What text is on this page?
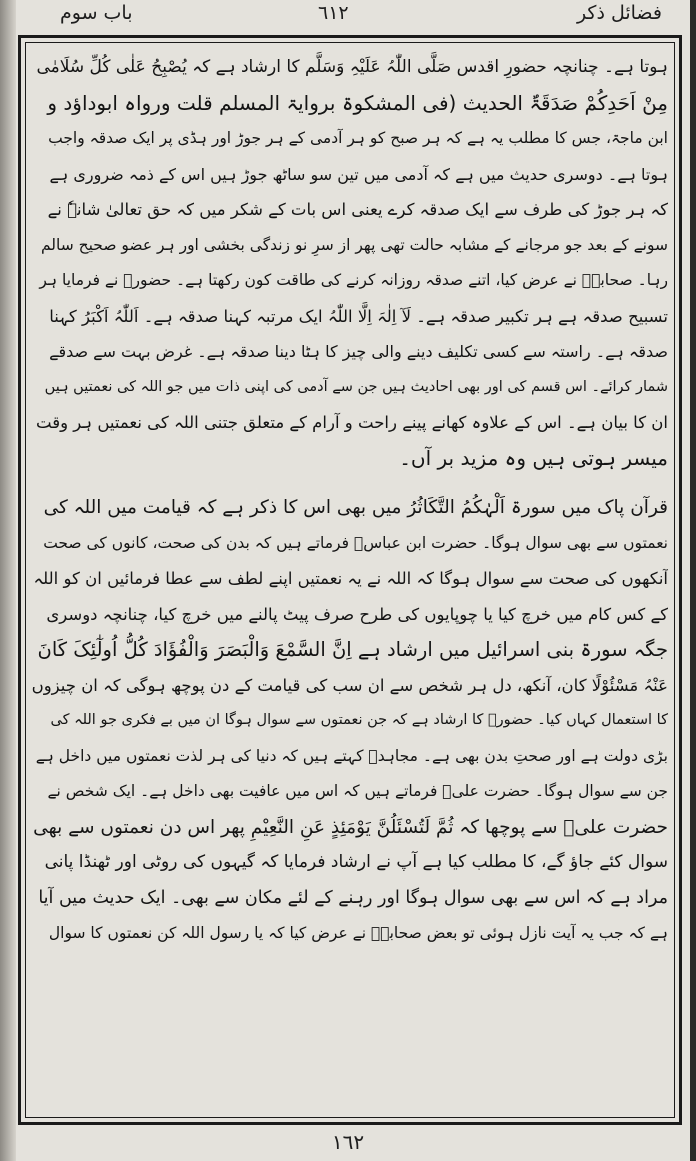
باب سوم	٦١٢	فضائل ذکر
ہوتا ہے۔ چنانچہ حضورِ اقدس صَلَّی اللّٰہُ عَلَیْہِ وَسَلَّم کا ارشاد ہے کہ یُصْبِحُ عَلٰی کُلِّ سُلَامٰی
مِنْ اَحَدِکُمْ صَدَقَۃٌ الحدیث (فی المشکوۃ بروایۃ المسلم قلت ورواہ ابوداؤد و
ابن ماجۃ، جس کا مطلب یہ ہے کہ ہر صبح کو ہر آدمی کے ہر جوڑ اور ہڈی پر ایک صدقہ واجب
ہوتا ہے۔ دوسری حدیث میں ہے کہ آدمی میں تین سو ساٹھ جوڑ ہیں اس کے ذمہ ضروری ہے
کہ ہر جوڑ کی طرف سے ایک صدقہ کرے یعنی اس بات کے شکر میں کہ حق تعالیٰ شانہٗ نے
سونے کے بعد جو مرجانے کے مشابہ حالت تھی پھر از سرِ نو زندگی بخشی اور ہر عضو صحیح سالم
رہا۔ صحابہؓ نے عرض کیا، اتنے صدقہ روزانہ کرنے کی طاقت کون رکھتا ہے۔ حضورؐ نے فرمایا ہر
تسبیح صدقہ ہے ہر تکبیر صدقہ ہے۔ لَآ اِلٰہَ اِلَّا اللّٰہُ ایک مرتبہ کہنا صدقہ ہے۔ اَللّٰہُ اَکْبَرُ کہنا
صدقہ ہے۔ راستہ سے کسی تکلیف دینے والی چیز کا ہٹا دینا صدقہ ہے۔ غرض بہت سے صدقے
شمار کرائے۔ اس قسم کی اور بھی احادیث ہیں جن سے آدمی کی اپنی ذات میں جو اللہ کی نعمتیں ہیں
ان کا بیان ہے۔ اس کے علاوہ کھانے پینے راحت و آرام کے متعلق جتنی اللہ کی نعمتیں ہر وقت
میسر ہوتی ہیں وہ مزید بر آں۔
قرآن پاک میں سورۃ اَلْہٰکُمُ التَّکَاثُرُ میں بھی اس کا ذکر ہے کہ قیامت میں اللہ کی
نعمتوں سے بھی سوال ہوگا۔ حضرت ابن عباسؓ فرماتے ہیں کہ بدن کی صحت، کانوں کی صحت
آنکھوں کی صحت سے سوال ہوگا کہ اللہ نے یہ نعمتیں اپنے لطف سے عطا فرمائیں ان کو اللہ
کے کس کام میں خرچ کیا یا چوپایوں کی طرح صرف پیٹ پالنے میں خرچ کیا، چنانچہ دوسری
جگہ سورۃ بنی اسرائیل میں ارشاد ہے اِنَّ السَّمْعَ وَالْبَصَرَ وَالْفُؤَادَ کُلُّ اُولٰٓئِکَ کَانَ
عَنْہُ مَسْئُوْلًا کان، آنکھ، دل ہر شخص سے ان سب کی قیامت کے دن پوچھ ہوگی کہ ان چیزوں
کا استعمال کہاں کیا۔ حضورؐ کا ارشاد ہے کہ جن نعمتوں سے سوال ہوگا ان میں بے فکری جو اللہ کی
بڑی دولت ہے اور صحتِ بدن بھی ہے۔ مجاہدؒ کہتے ہیں کہ دنیا کی ہر لذت نعمتوں میں داخل ہے
جن سے سوال ہوگا۔ حضرت علیؓ فرماتے ہیں کہ اس میں عافیت بھی داخل ہے۔ ایک شخص نے
حضرت علیؓ سے پوچھا کہ ثُمَّ لَتُسْئَلُنَّ یَوْمَئِذٍ عَنِ النَّعِیْمِ پھر اس دن نعمتوں سے بھی
سوال کئے جاؤ گے، کا مطلب کیا ہے آپ نے ارشاد فرمایا کہ گیہوں کی روٹی اور ٹھنڈا پانی
مراد ہے کہ اس سے بھی سوال ہوگا اور رہنے کے لئے مکان سے بھی۔ ایک حدیث میں آیا
ہے کہ جب یہ آیت نازل ہوئی تو بعض صحابہؓ نے عرض کیا کہ یا رسول اللہ کن نعمتوں کا سوال
١٦٢
